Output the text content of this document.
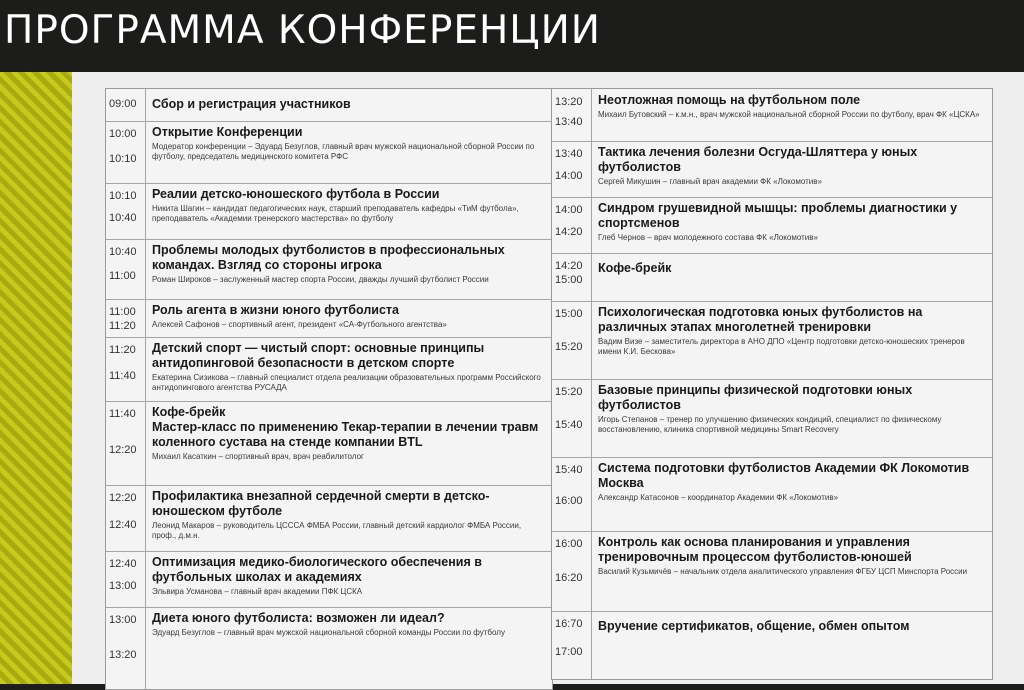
ПРОГРАММА КОНФЕРЕНЦИИ
09:00	Сбор и регистрация участников
10:00
10:10
Открытие Конференции
Модератор конференции – Эдуард Безуглов, главный врач мужской национальной сборной России по футболу, председатель медицинского комитета РФС
10:10
10:40
Реалии детско-юношеского футбола в России
Никита Шагин – кандидат педагогических наук, старший преподаватель кафедры «ТиМ футбола», преподаватель «Академии тренерского мастерства» по футболу
10:40
11:00
Проблемы молодых футболистов в профессиональных командах. Взгляд со стороны игрока
Роман Широков – заслуженный мастер спорта России, дважды лучший футболист России
11:00
11:20
Роль агента в жизни юного футболиста
Алексей Сафонов – спортивный агент, президент «СА-Футбольного агентства»
11:20
11:40
Детский спорт — чистый спорт: основные принципы антидопинговой безопасности в детском спорте
Екатерина Сизикова – главный специалист отдела реализации образовательных программ Российского антидопингового агентства РУСАДА
11:40
12:20
Кофе-брейк
Мастер-класс по применению Текар-терапии в лечении травм коленного сустава на стенде компании BTL
Михаил Касаткин – спортивный врач, врач реабилитолог
12:20
12:40
Профилактика внезапной сердечной смерти в детско-юношеском футболе
Леонид Макаров – руководитель ЦСССА ФМБА России, главный детский кардиолог ФМБА России, проф., д.м.н.
12:40
13:00
Оптимизация медико-биологического обеспечения в футбольных школах и академиях
Эльвира Усманова – главный врач академии ПФК ЦСКА
13:00
13:20
Диета юного футболиста: возможен ли идеал?
Эдуард Безуглов – главный врач мужской национальной сборной команды России по футболу
13:20
13:40
Неотложная помощь на футбольном поле
Михаил Бутовский – к.м.н., врач мужской национальной сборной России по футболу, врач ФК «ЦСКА»
13:40
14:00
Тактика лечения болезни Осгуда-Шляттера у юных футболистов
Сергей Микушин – главный врач академии ФК «Локомотив»
14:00
14:20
Синдром грушевидной мышцы: проблемы диагностики у спортсменов
Глеб Чернов – врач молодежного состава ФК «Локомотив»
14:20
15:00
Кофе-брейк
15:00
15:20
Психологическая подготовка юных футболистов на различных этапах многолетней тренировки
Вадим Визе – заместитель директора в АНО ДПО «Центр подготовки детско-юношеских тренеров имени К.И. Бескова»
15:20
15:40
Базовые принципы физической подготовки юных футболистов
Игорь Степанов – тренер по улучшению физических кондиций, специалист по физическому восстановлению, клиника спортивной медицины Smart Recovery
15:40
16:00
Система подготовки футболистов Академии ФК Локомотив Москва
Александр Катасонов – координатор Академии ФК «Локомотив»
16:00
16:20
Контроль как основа планирования и управления тренировочным процессом футболистов-юношей
Василий Кузьмичёв – начальник отдела аналитического управления ФГБУ ЦСП Минспорта России
16:70
17:00
Вручение сертификатов, общение, обмен опытом
